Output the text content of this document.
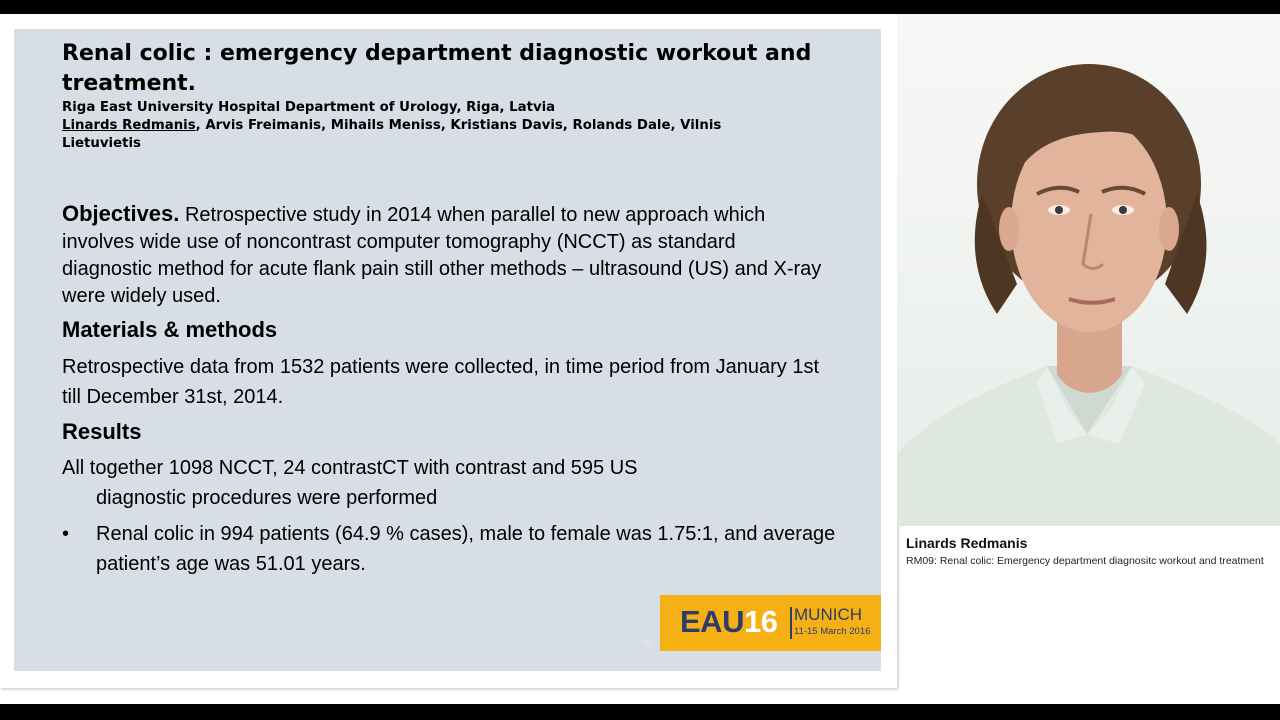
Renal colic : emergency department diagnostic workout and treatment.
Riga East University Hospital Department of Urology, Riga, Latvia
Linards Redmanis, Arvis Freimanis, Mihails Meniss, Kristians Davis, Rolands Dale, Vilnis Lietuvietis
Objectives. Retrospective study in 2014 when parallel to new approach which involves wide use of noncontrast computer tomography (NCCT) as standard diagnostic method for acute flank pain still other methods – ultrasound (US) and X-ray were widely used.
Materials & methods
Retrospective data from 1532 patients were collected, in time period from January 1st till December 31st, 2014.
Results
All together 1098 NCCT, 24 contrastCT with contrast and 595 US
diagnostic procedures were performed
•	Renal colic in 994 patients (64.9 % cases), male to female was 1.75:1, and average patient’s age was 51.01 years.
EAU16 MUNICH
11-15 March 2016
©
Linards Redmanis
RM09: Renal colic: Emergency department diagnositc workout and treatment
